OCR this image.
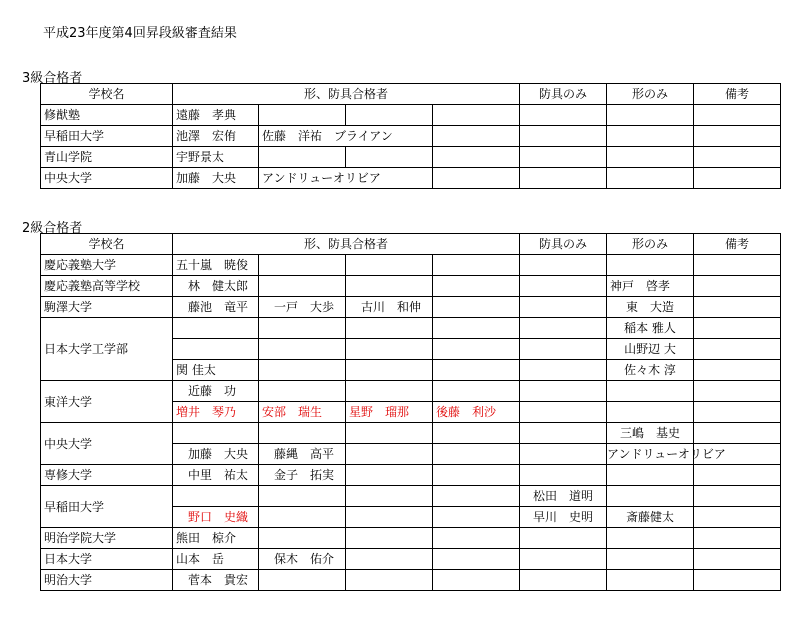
平成23年度第4回昇段級審査結果
3級合格者
学校名	形、防具合格者				防具のみ	形のみ	備考
修猷塾	遠藤　孝典						
早稲田大学	池澤　宏侑	佐藤　洋祐　ブライアン					
青山学院	宇野景太						
中央大学	加藤　大央	アンドリューオリビア					
2級合格者
学校名	形、防具合格者				防具のみ	形のみ	備考
慶応義塾大学	五十嵐　暁俊						
慶応義塾高等学校	林　健太郎					神戸　啓孝	
駒澤大学	藤池　竜平	一戸　大歩	古川　和伸			東　大造	
日本大学工学部						稲本 雅人	
						山野辺 大	
	関 佳太					佐々木 淳	
東洋大学	近藤　功						
	増井　琴乃	安部　瑞生	星野　瑠那	後藤　利沙			
中央大学						三嶋　基史	
	加藤　大央	藤縄　高平				アンドリューオリビア	
専修大学	中里　祐太	金子　拓実					
早稲田大学					松田　道明		
	野口　史織				早川　史明	斎藤健太	
明治学院大学	熊田　椋介						
日本大学	山本　岳	保木　佑介					
明治大学	菅本　貴宏						
